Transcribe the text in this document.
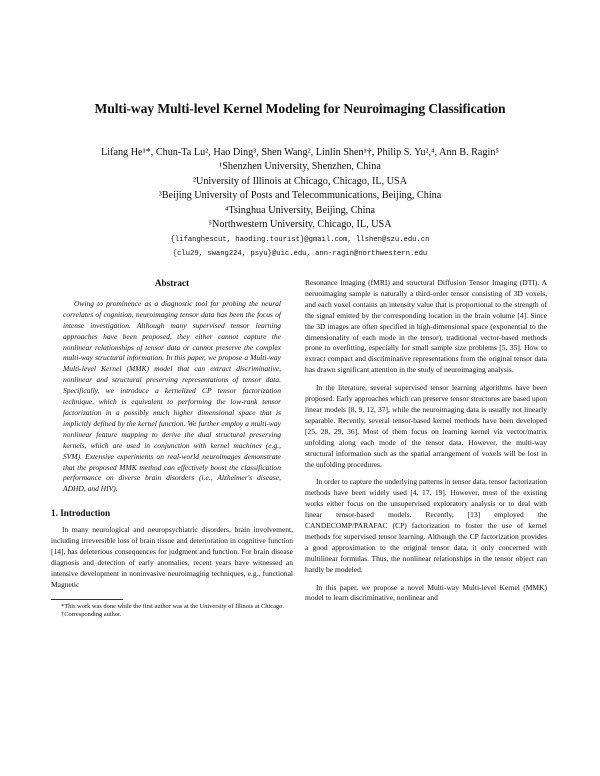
Multi-way Multi-level Kernel Modeling for Neuroimaging Classification
Lifang He¹*, Chun-Ta Lu², Hao Ding³, Shen Wang², Linlin Shen¹†, Philip S. Yu²,⁴, Ann B. Ragin⁵
¹Shenzhen University, Shenzhen, China
²University of Illinois at Chicago, Chicago, IL, USA
³Beijing University of Posts and Telecommunications, Beijing, China
⁴Tsinghua University, Beijing, China
⁵Northwestern University, Chicago, IL, USA
{lifanghescut, haoding.tourist}@gmail.com, llshen@szu.edu.cn
{clu29, swang224, psyu}@uic.edu, ann-ragin@northwestern.edu
Abstract

Owing to prominence as a diagnostic tool for probing the neural correlates of cognition, neuroimaging tensor data has been the focus of intense investigation. Although many supervised tensor learning approaches have been proposed, they either cannot capture the nonlinear relationships of tensor data or cannot preserve the complex multi-way structural information. In this paper, we propose a Multi-way Multi-level Kernel (MMK) model that can extract discriminative, nonlinear and structural preserving representations of tensor data. Specifically, we introduce a kernelized CP tensor factorization technique, which is equivalent to performing the low-rank tensor factorization in a possibly much higher dimensional space that is implicitly defined by the kernel function. We further employ a multi-way nonlinear feature mapping to derive the dual structural preserving kernels, which are used in conjunction with kernel machines (e.g., SVM). Extensive experiments on real-world neuroimages demonstrate that the proposed MMK method can effectively boost the classification performance on diverse brain disorders (i.e., Alzheimer's disease, ADHD, and HIV).

1. Introduction

In many neurological and neuropsychiatric disorders, brain involvement, including irreversible loss of brain tissue and deterioration in cognitive function [14], has deleterious consequences for judgment and function. For brain disease diagnosis and detection of early anomalies, recent years have witnessed an intensive development in noninvasive neuroimaging techniques, e.g., functional Magnetic

*This work was done while the first author was at the University of Illinois at Chicago.

†Corresponding author.

Resonance Imaging (fMRI) and structural Diffusion Tensor Imaging (DTI). A neruoimaging sample is naturally a third-order tensor consisting of 3D voxels, and each voxel contains an intensity value that is proportional to the strength of the signal emitted by the corresponding location in the brain volume [4]. Since the 3D images are often specified in high-dimensional space (exponential to the dimensionality of each mode in the tensor), traditional vector-based methods prone to overfitting, especially for small sample size problems [5, 35]. How to extract compact and discriminative representations from the original tensor data has drawn significant attention in the study of neuroimaging analysis.

In the literature, several supervised tensor learning algorithms have been proposed. Early approaches which can preserve tensor structures are based upon linear models [8, 9, 12, 37], while the neuroimaging data is usually not linearly separable. Recently, several tensor-based kernel methods have been developed [25, 28, 29, 36]. Most of them focus on learning kernel via vector/matrix unfolding along each mode of the tensor data. However, the multi-way structural information such as the spatial arrangement of voxels will be lost in the unfolding procedures.

In order to capture the underlying patterns in tensor data, tensor factorization methods have been widely used [4, 17, 19]. However, most of the existing works either focus on the unsupervised exploratory analysis or to deal with linear tensor-based models. Recently, [13] employed the CANDECOMP/PARAFAC (CP) factorization to foster the use of kernel methods for supervised tensor learning. Although the CP factorization provides a good approximation to the original tensor data, it only concerned with multilinear formulas. Thus, the nonlinear relationships in the tensor object can hardly be modeled.

In this paper, we propose a novel Multi-way Multi-level Kernel (MMK) model to learn discriminative, nonlinear and
